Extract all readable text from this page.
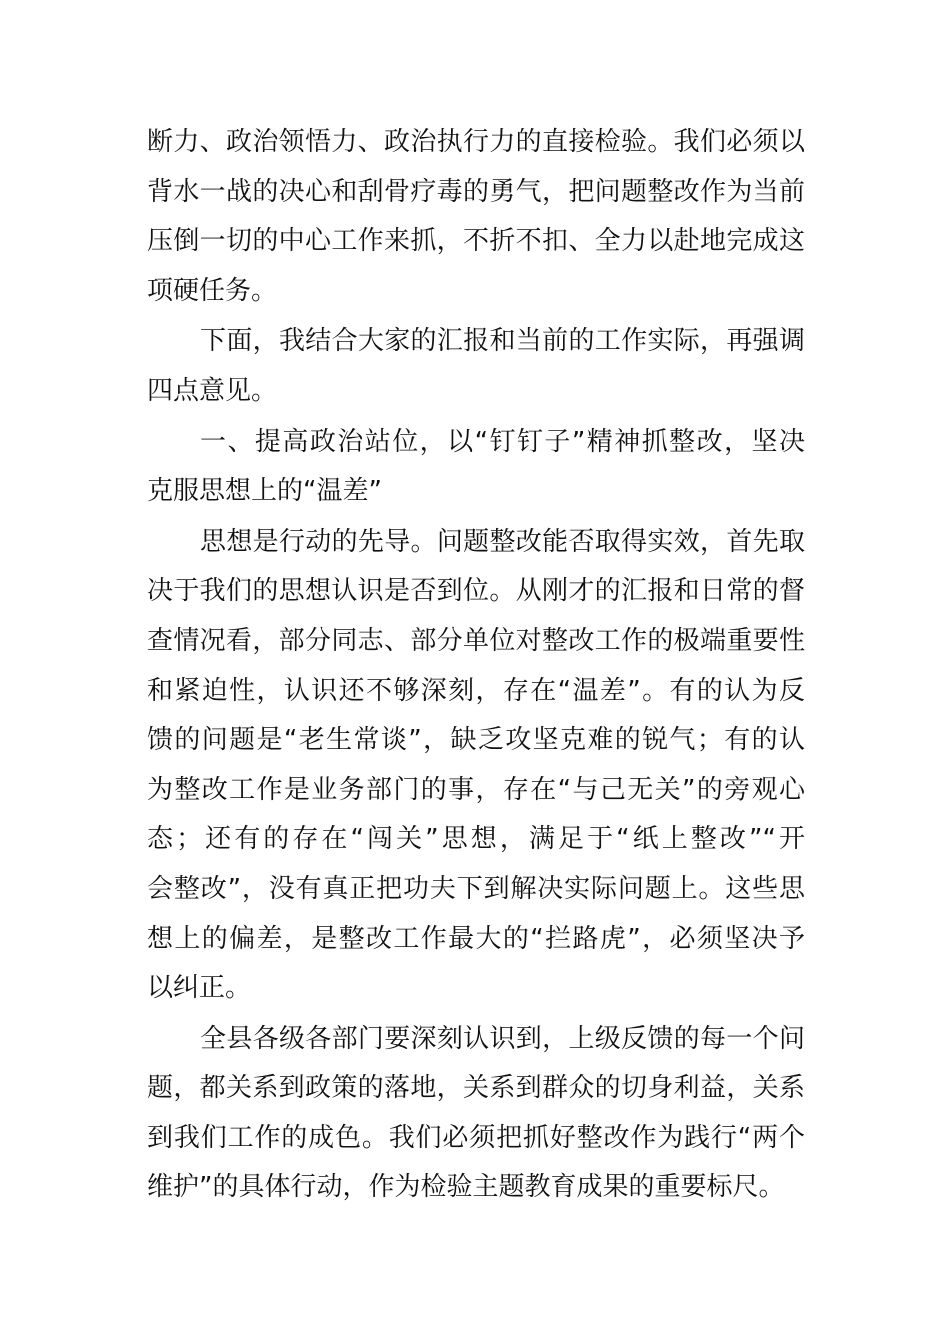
断力、政治领悟力、政治执行力的直接检验。我们必须以
背水一战的决心和刮骨疗毒的勇气，把问题整改作为当前
压倒一切的中心工作来抓，不折不扣、全力以赴地完成这
项硬任务。
下面，我结合大家的汇报和当前的工作实际，再强调
四点意见。
一、提高政治站位，以“钉钉子”精神抓整改，坚决
克服思想上的“温差”
思想是行动的先导。问题整改能否取得实效，首先取
决于我们的思想认识是否到位。从刚才的汇报和日常的督
查情况看，部分同志、部分单位对整改工作的极端重要性
和紧迫性，认识还不够深刻，存在“温差”。有的认为反
馈的问题是“老生常谈”，缺乏攻坚克难的锐气；有的认
为整改工作是业务部门的事，存在“与己无关”的旁观心
态；还有的存在“闯关”思想，满足于“纸上整改”“开
会整改”，没有真正把功夫下到解决实际问题上。这些思
想上的偏差，是整改工作最大的“拦路虎”，必须坚决予
以纠正。
全县各级各部门要深刻认识到，上级反馈的每一个问
题，都关系到政策的落地，关系到群众的切身利益，关系
到我们工作的成色。我们必须把抓好整改作为践行“两个
维护”的具体行动，作为检验主题教育成果的重要标尺。
